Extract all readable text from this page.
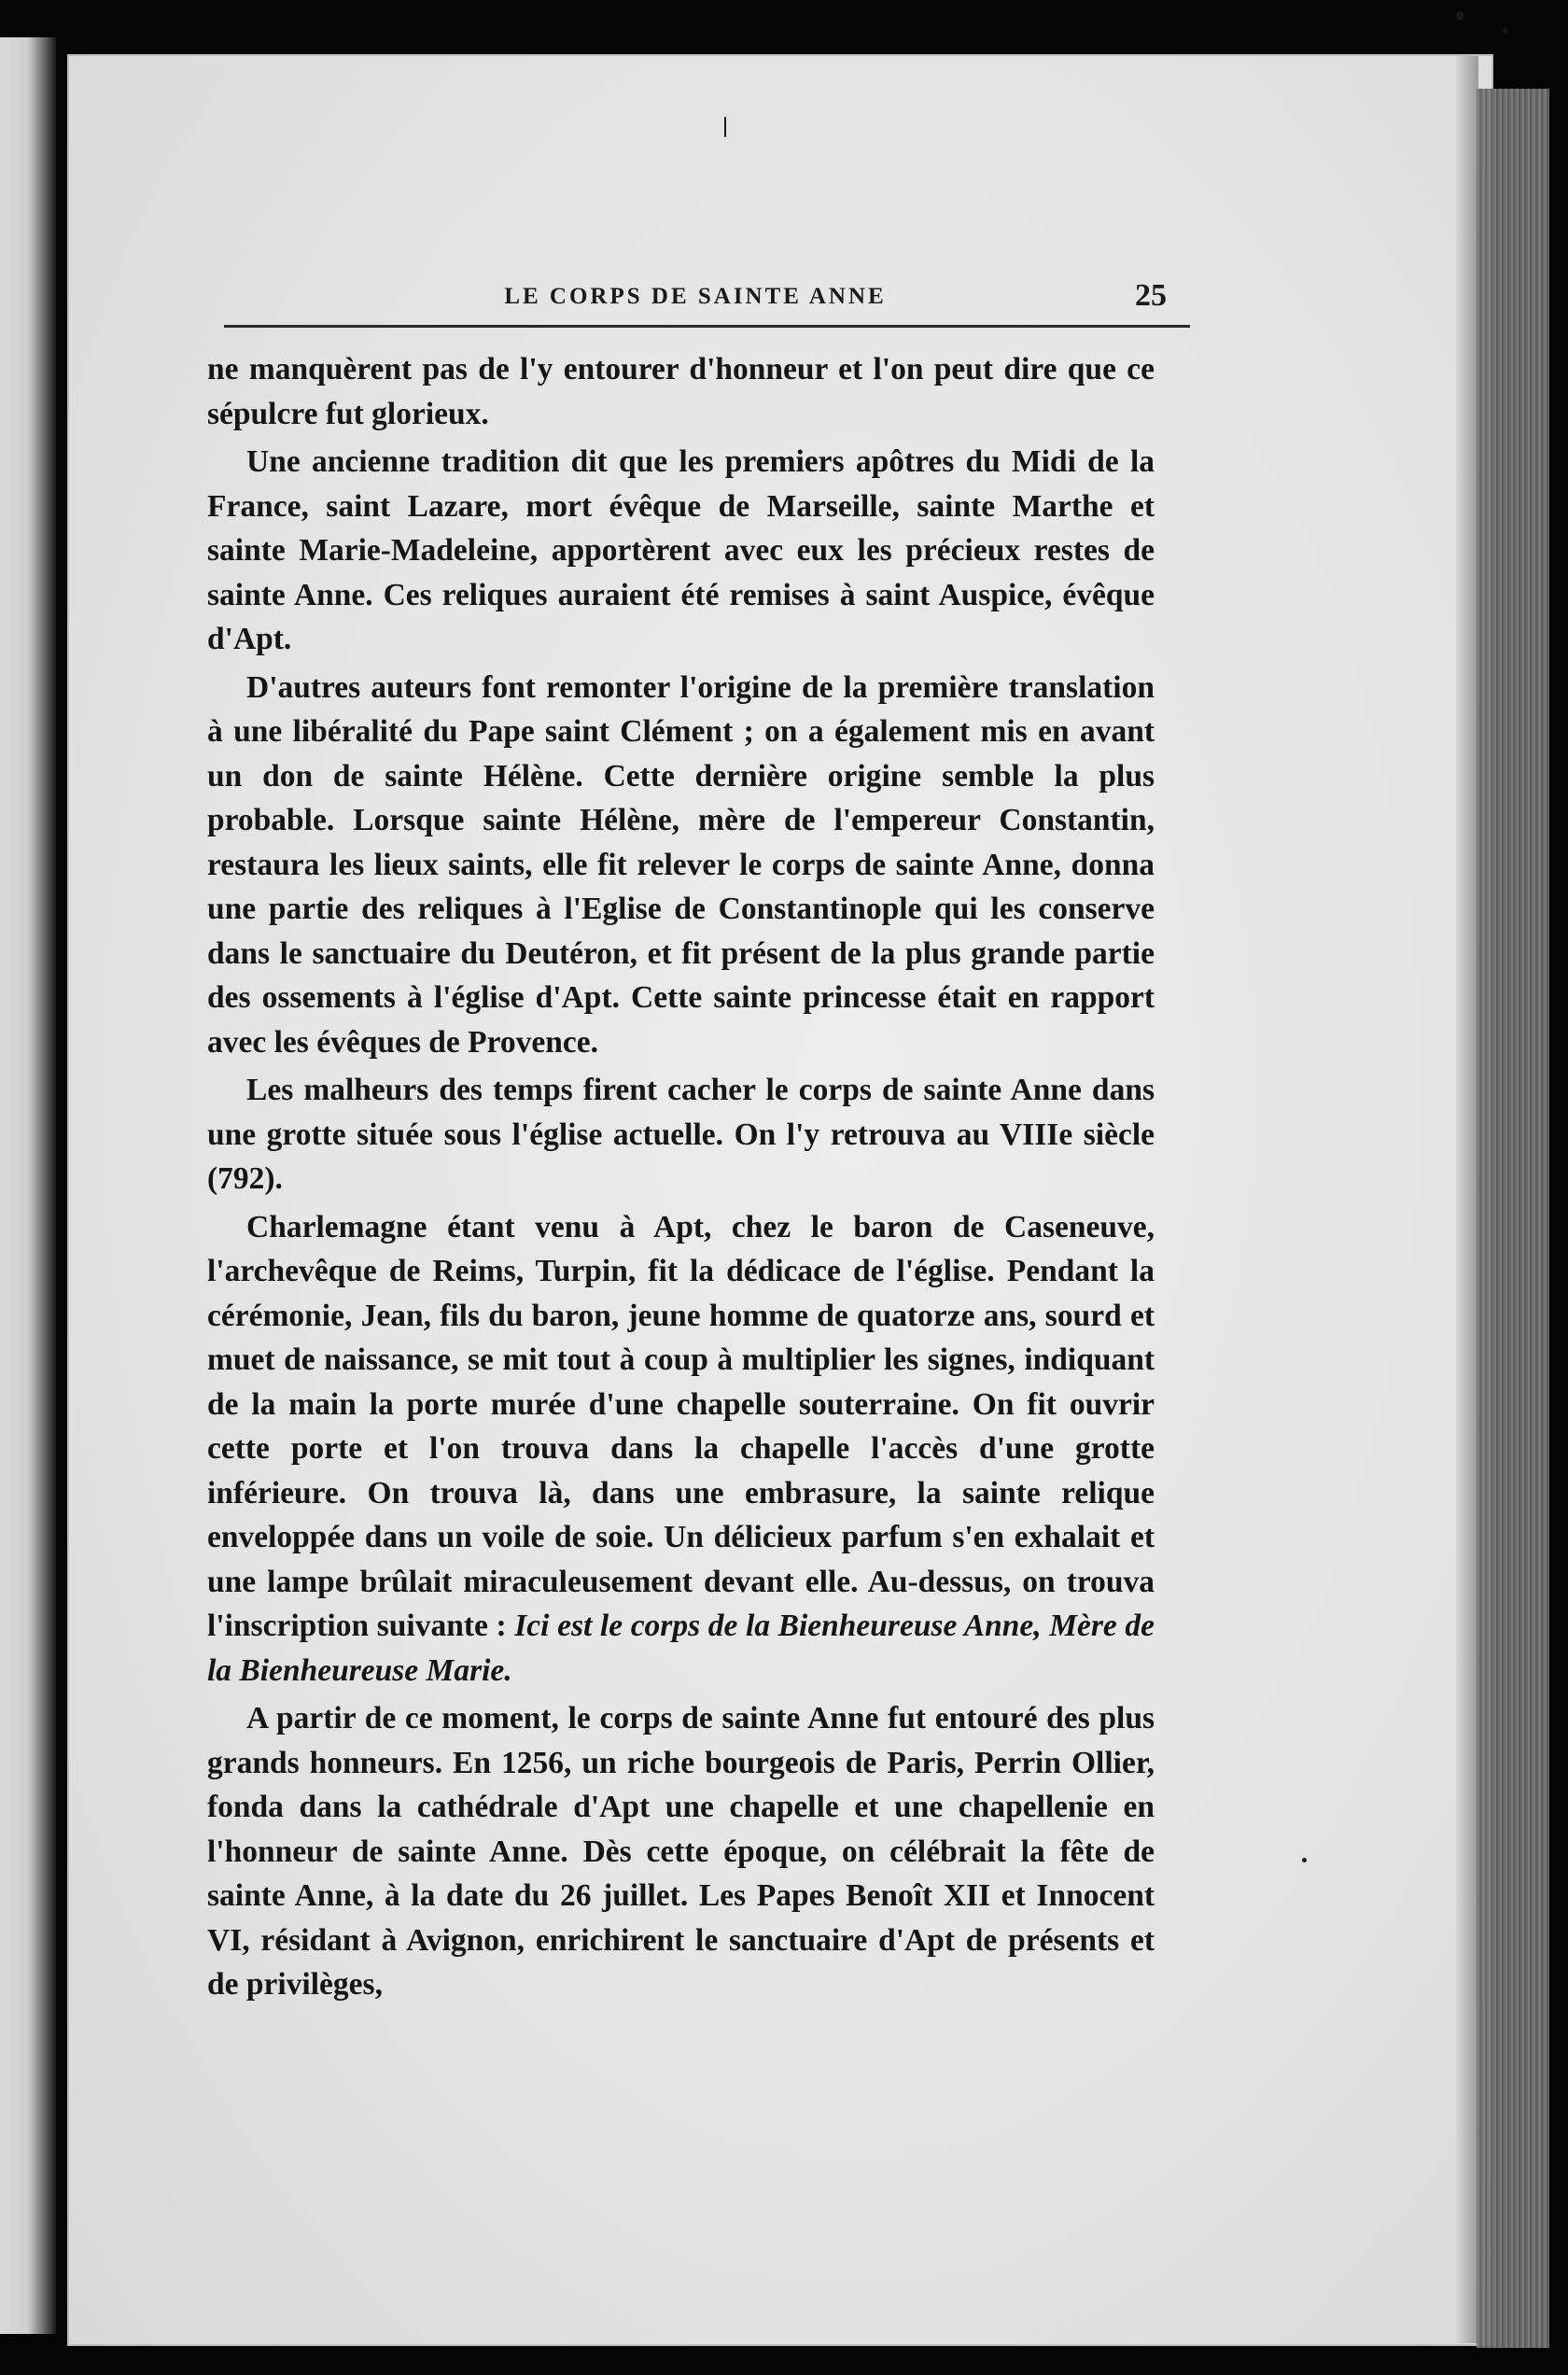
LE CORPS DE SAINTE ANNE	25

ne manquèrent pas de l'y entourer d'honneur et l'on peut dire que ce sépulcre fut glorieux.

Une ancienne tradition dit que les premiers apôtres du Midi de la France, saint Lazare, mort évêque de Marseille, sainte Marthe et sainte Marie-Madeleine, apportèrent avec eux les précieux restes de sainte Anne. Ces reliques auraient été remises à saint Auspice, évêque d'Apt.

D'autres auteurs font remonter l'origine de la première translation à une libéralité du Pape saint Clément ; on a également mis en avant un don de sainte Hélène. Cette dernière origine semble la plus probable. Lorsque sainte Hélène, mère de l'empereur Constantin, restaura les lieux saints, elle fit relever le corps de sainte Anne, donna une partie des reliques à l'Eglise de Constantinople qui les conserve dans le sanctuaire du Deutéron, et fit présent de la plus grande partie des ossements à l'église d'Apt. Cette sainte princesse était en rapport avec les évêques de Provence.

Les malheurs des temps firent cacher le corps de sainte Anne dans une grotte située sous l'église actuelle. On l'y retrouva au VIIIe siècle (792).

Charlemagne étant venu à Apt, chez le baron de Caseneuve, l'archevêque de Reims, Turpin, fit la dédicace de l'église. Pendant la cérémonie, Jean, fils du baron, jeune homme de quatorze ans, sourd et muet de naissance, se mit tout à coup à multiplier les signes, indiquant de la main la porte murée d'une chapelle souterraine. On fit ouvrir cette porte et l'on trouva dans la chapelle l'accès d'une grotte inférieure. On trouva là, dans une embrasure, la sainte relique enveloppée dans un voile de soie. Un délicieux parfum s'en exhalait et une lampe brûlait miraculeusement devant elle. Au-dessus, on trouva l'inscription suivante : Ici est le corps de la Bienheureuse Anne, Mère de la Bienheureuse Marie.

A partir de ce moment, le corps de sainte Anne fut entouré des plus grands honneurs. En 1256, un riche bourgeois de Paris, Perrin Ollier, fonda dans la cathédrale d'Apt une chapelle et une chapellenie en l'honneur de sainte Anne. Dès cette époque, on célébrait la fête de sainte Anne, à la date du 26 juillet. Les Papes Benoît XII et Innocent VI, résidant à Avignon, enrichirent le sanctuaire d'Apt de présents et de privilèges,
